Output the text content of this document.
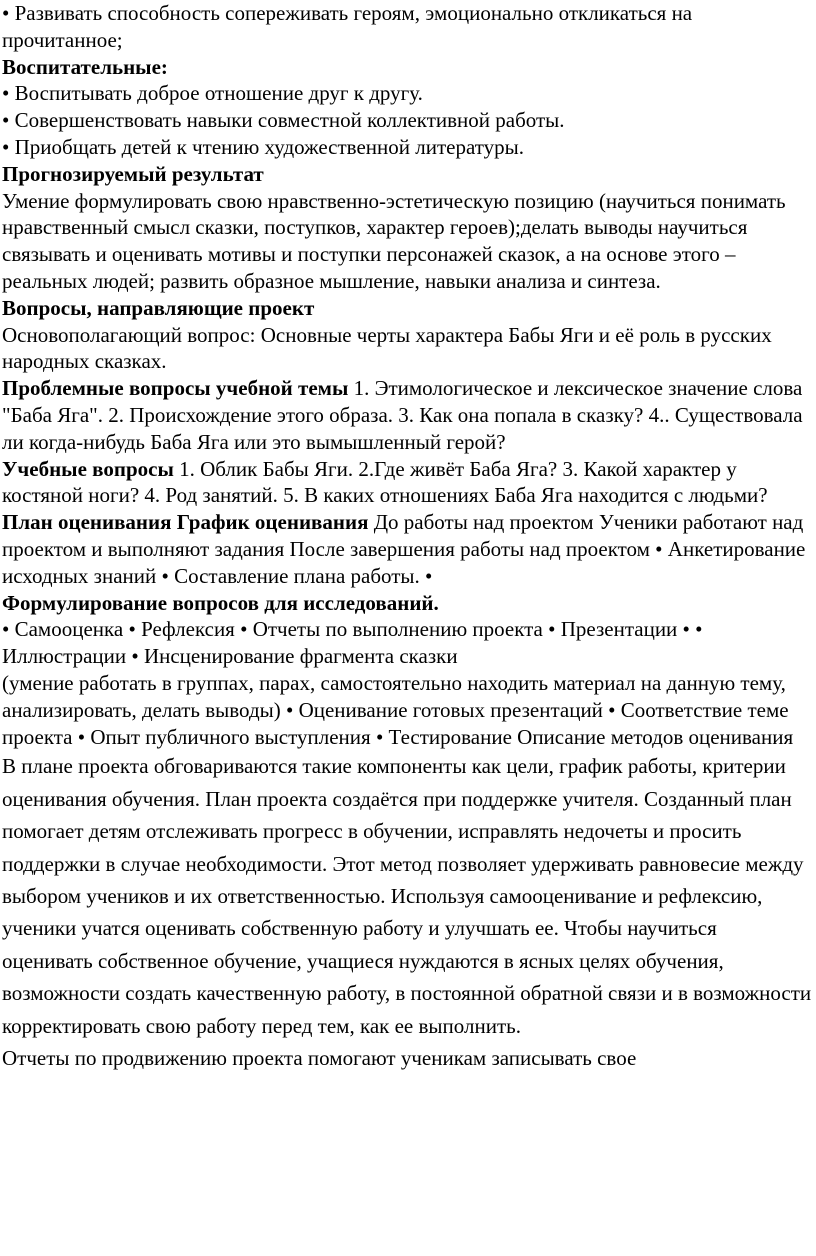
• Развивать способность сопереживать героям, эмоционально откликаться на прочитанное;

Воспитательные:

• Воспитывать доброе отношение друг к другу.

• Совершенствовать навыки совместной коллективной работы.

• Приобщать детей к чтению художественной литературы.

Прогнозируемый результат

Умение формулировать свою нравственно-эстетическую позицию (научиться понимать нравственный смысл сказки, поступков, характер героев);делать выводы научиться связывать и оценивать мотивы и поступки персонажей сказок, а на основе этого – реальных людей; развить образное мышление, навыки анализа и синтеза.

Вопросы, направляющие проект

Основополагающий вопрос: Основные черты характера Бабы Яги и её роль в русских народных сказках.

Проблемные вопросы учебной темы 1. Этимологическое и лексическое значение слова "Баба Яга". 2. Происхождение этого образа. 3. Как она попала в сказку? 4.. Существовала ли когда-нибудь Баба Яга или это вымышленный герой?

Учебные вопросы 1. Облик Бабы Яги. 2.Где живёт Баба Яга? 3. Какой характер у костяной ноги? 4. Род занятий. 5. В каких отношениях Баба Яга находится с людьми?

План оценивания График оценивания До работы над проектом Ученики работают над проектом и выполняют задания После завершения работы над проектом • Анкетирование исходных знаний • Составление плана работы. •

Формулирование вопросов для исследований.

• Самооценка • Рефлексия • Отчеты по выполнению проекта • Презентации • • Иллюстрации • Инсценирование фрагмента сказки
(умение работать в группах, парах, самостоятельно находить материал на данную тему, анализировать, делать выводы) • Оценивание готовых презентаций • Соответствие теме проекта • Опыт публичного выступления • Тестирование Описание методов оценивания

В плане проекта обговариваются такие компоненты как цели, график работы, критерии оценивания обучения. План проекта создаётся при поддержке учителя. Созданный план помогает детям отслеживать прогресс в обучении, исправлять недочеты и просить поддержки в случае необходимости. Этот метод позволяет удерживать равновесие между выбором учеников и их ответственностью. Используя самооценивание и рефлексию, ученики учатся оценивать собственную работу и улучшать ее. Чтобы научиться оценивать собственное обучение, учащиеся нуждаются в ясных целях обучения, возможности создать качественную работу, в постоянной обратной связи и в возможности корректировать свою работу перед тем, как ее выполнить.

Отчеты по продвижению проекта помогают ученикам записывать свое
